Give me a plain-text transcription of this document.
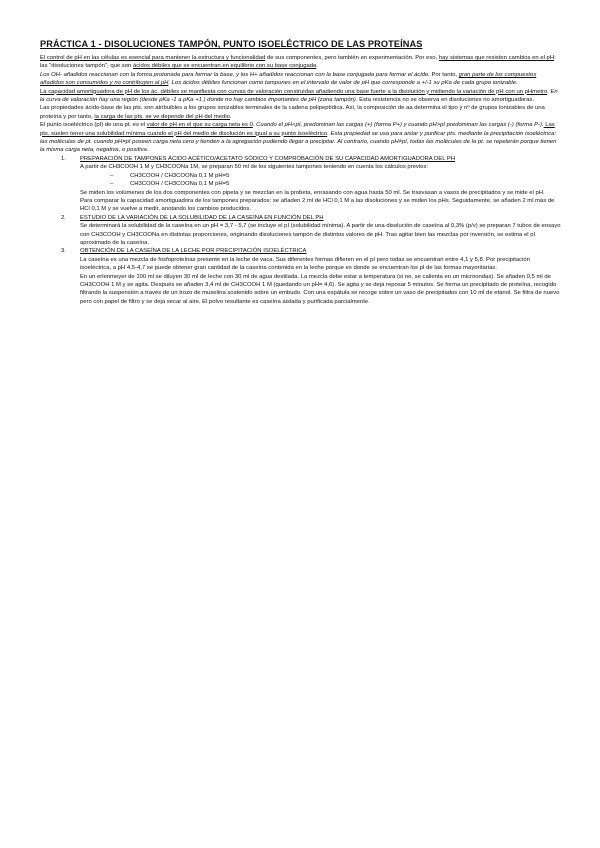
PRÁCTICA 1 - DISOLUCIONES TAMPÓN, PUNTO ISOELÉCTRICO DE LAS PROTEÍNAS

El control de pH en las células es esencial para mantener la estructura y funcionalidad de sus componentes, pero también en experimentación. Por eso, hay sistemas que resisten cambios en el pH: las "disoluciones tampón", que son ácidos débiles que se encuentran en equilibrio con su base conjugada.

Los OH- añadidos reaccionan con la forma protonada para formar la base, y los H+ añadidos reaccionan con la base conjugada para formar el ácido. Por tanto, gran parte de los compuestos añadidos son consumidos y no contribuyen al pH. Los ácidos débiles funcionan como tampones en el intervalo de valor de pH que corresponde a +/-1 su pKa de cada grupo ionizable.

La capacidad amortiguadora de pH de los ác. débiles se manifiesta con curvas de valoración construidas añadiendo una base fuerte a la disolución y midiendo la variación de pH con un pHmetro. En la curva de valoración hay una región (desde pKa -1 a pKa +1 ) donde no hay cambios importantes de pH (zona tampón). Esta resistencia no se observa en disoluciones no amortiguadoras.

Las propiedades ácido-base de las pts. son atribuibles a los grupos ionizables terminales de la cadena polipeptídica. Así, la composición de aa determina el tipo y nº de grupos ionizables de una proteína y por tanto, la carga de las pts. se ve depende del pH del medio.

El punto isoeléctrico (pI) de una pt. es el valor de pH en el que su carga neta es 0. Cuando el pH<pI, predominan las cargas (+) (forma P+) y cuando pH>pI predominan las cargas (-) (forma P-). Las pts. suelen tener una solubilidad mínima cuando el pH del medio de disolución es igual a su punto isoeléctrico. Esta propiedad se usa para aislar y purificar pts. mediante la precipitación isoeléctrica: las moléculas de pt. cuando pH=pI poseen carga neta cero y tienden a la agregación pudiendo llegar a precipitar. Al contrario, cuando pH≠pI, todas las moléculas de la pt. se repelerán porque tienen la misma carga neta, negativa, o positiva.

1. PREPARACIÓN DE TAMPONES ÁCIDO ACÉTICO/ACETATO SÓDICO Y COMPROBACIÓN DE SU CAPACIDAD AMORTIGUADORA DEL PH

A partir de CH3COOH 1 M y CH3COONa 1M, se preparan 50 ml de los siguientes tampones teniendo en cuenta los cálculos previos:

–	CH3COOH / CH3COONa 0,1 M pH=5
–	CH3COOH / CH3COONa 0,1 M pH=5

Se miden los volúmenes de los dos componentes con pipeta y se mezclan en la probeta, enrasando con agua hasta 50 ml. Se trasvasan a vasos de precipitados y se mide el pH.

Para comparar la capacidad amortiguadora de los tampones preparados: se añaden 2 ml de HCl 0,1 M a las disoluciones y se miden los pHs. Seguidamente, se añaden 2 ml más de HCl 0,1 M y se vuelve a medir, anotando los cambios producidos.

2. ESTUDIO DE LA VARIACIÓN DE LA SOLUBILIDAD DE LA CASEÍNA EN FUNCIÓN DEL PH

Se determinará la solubilidad de la caseína en un pH = 3,7 - 5,7 (se incluye el pI (solubilidad mínima). A partir de una disolución de caseína al 0,3% (p/v) se preparan 7 tubos de ensayo con CH3COOH y CH3COONa en distintas proporciones, originando disoluciones tampón de distintos valores de pH. Tras agitar bien las mezclas por inversión, se estima el pI aproximado de la caseína.

3. OBTENCIÓN DE LA CASEÍNA DE LA LECHE POR PRECIPITACIÓN ISOELÉCTRICA

La caseína es una mezcla de fosfoproteínas presente en la leche de vaca. Sus diferentes formas difieren en el pI pero todas se encuentran entre 4,1 y 5,8. Por precipitación isoeléctrica, a pH 4,5-4,7 se puede obtener gran cantidad de la caseína contenida en la leche porque es donde se encuentran los pI de las formas mayoritarias.

En un erlenmeyer de 100 ml se diluyen 30 ml de leche con 30 ml de agua destilada. La mezcla debe estar a temperatura (si no, se calienta en un microondas). Se añaden 0,5 ml de CH3COOH 1 M y se agita. Después se añaden 3,4 ml de CH3COOH 1 M (quedando un pH= 4,6). Se agita y se deja reposar 5 minutos. Se forma un precipitado de proteína, recogido filtrando la suspensión a través de un trozo de muselina sostenido sobre un embudo. Con una espátula se recoge sobre un vaso de precipitados con 10 ml de etanol. Se filtra de nuevo pero con papel de filtro y se deja secar al aire. El polvo resultante es caseína aislada y purificada parcialmente.
